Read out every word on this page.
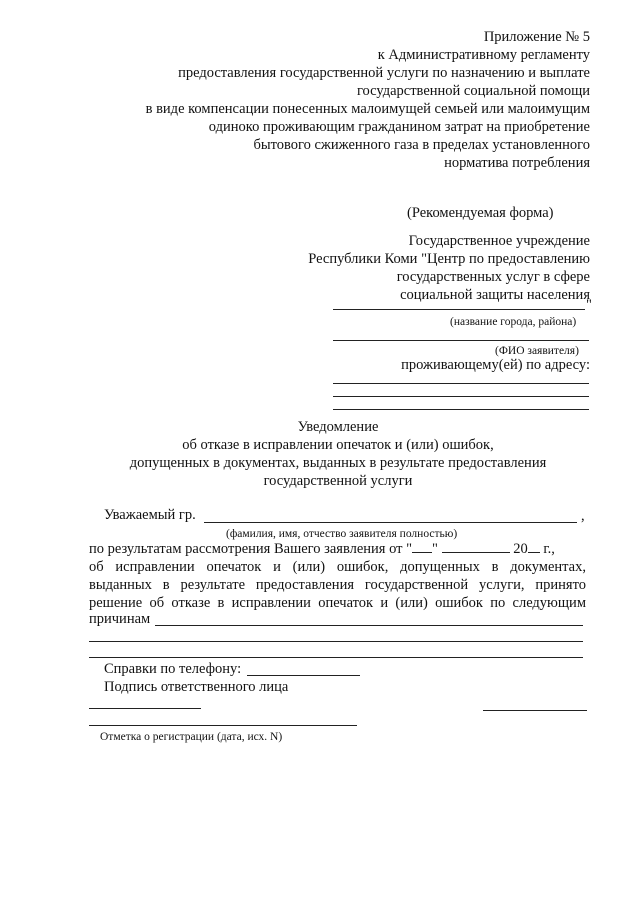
Приложение № 5
к Административному регламенту
предоставления государственной услуги по назначению и выплате
государственной социальной помощи
в виде компенсации понесенных малоимущей семьей или малоимущим
одиноко проживающим гражданином затрат на приобретение
бытового сжиженного газа в пределах установленного
норматива потребления
(Рекомендуемая форма)
Государственное учреждение
Республики Коми "Центр по предоставлению
государственных услуг в сфере
социальной защиты населения
"
(название города, района)
(ФИО заявителя)
проживающему(ей) по адресу:
Уведомление
об отказе в исправлении опечаток и (или) ошибок,
допущенных в документах, выданных в результате предоставления
государственной услуги
Уважаемый гр.	,
(фамилия, имя, отчество заявителя полностью)
по результатам рассмотрения Вашего заявления от " "	20 г.,
об исправлении опечаток и (или) ошибок, допущенных в документах,
выданных в результате предоставления государственной услуги, принято
решение об отказе в исправлении опечаток и (или) ошибок по следующим
причинам
Справки по телефону:
Подпись ответственного лица
Отметка о регистрации (дата, исх. N)
